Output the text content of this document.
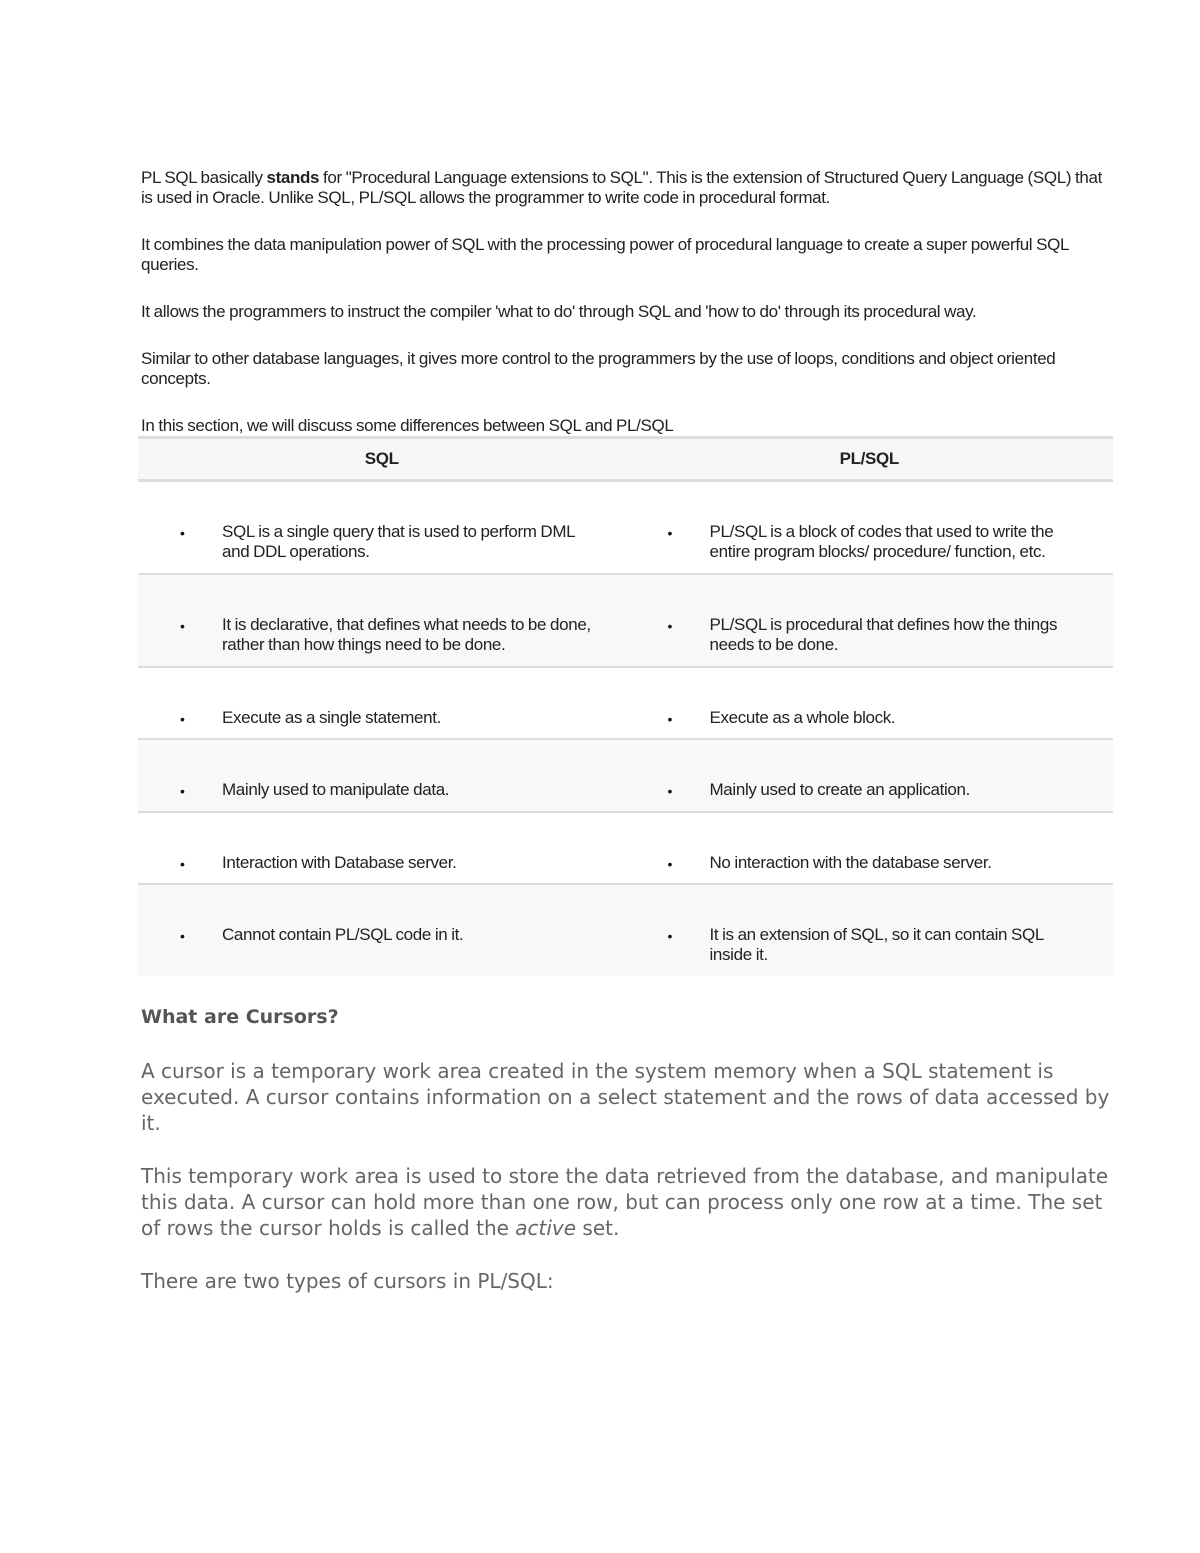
PL SQL basically stands for "Procedural Language extensions to SQL". This is the extension of Structured Query Language (SQL) that is used in Oracle. Unlike SQL, PL/SQL allows the programmer to write code in procedural format.

It combines the data manipulation power of SQL with the processing power of procedural language to create a super powerful SQL queries.

It allows the programmers to instruct the compiler 'what to do' through SQL and 'how to do' through its procedural way.

Similar to other database languages, it gives more control to the programmers by the use of loops, conditions and object oriented concepts.

In this section, we will discuss some differences between SQL and PL/SQL

SQL	PL/SQL

• SQL is a single query that is used to perform DML and DDL operations.	• PL/SQL is a block of codes that used to write the entire program blocks/ procedure/ function, etc.

• It is declarative, that defines what needs to be done, rather than how things need to be done.	• PL/SQL is procedural that defines how the things needs to be done.

• Execute as a single statement.	• Execute as a whole block.

• Mainly used to manipulate data.	• Mainly used to create an application.

• Interaction with Database server.	• No interaction with the database server.

• Cannot contain PL/SQL code in it.	• It is an extension of SQL, so it can contain SQL inside it.
What are Cursors?

A cursor is a temporary work area created in the system memory when a SQL statement is executed. A cursor contains information on a select statement and the rows of data accessed by it.

This temporary work area is used to store the data retrieved from the database, and manipulate this data. A cursor can hold more than one row, but can process only one row at a time. The set of rows the cursor holds is called the active set.

There are two types of cursors in PL/SQL:
